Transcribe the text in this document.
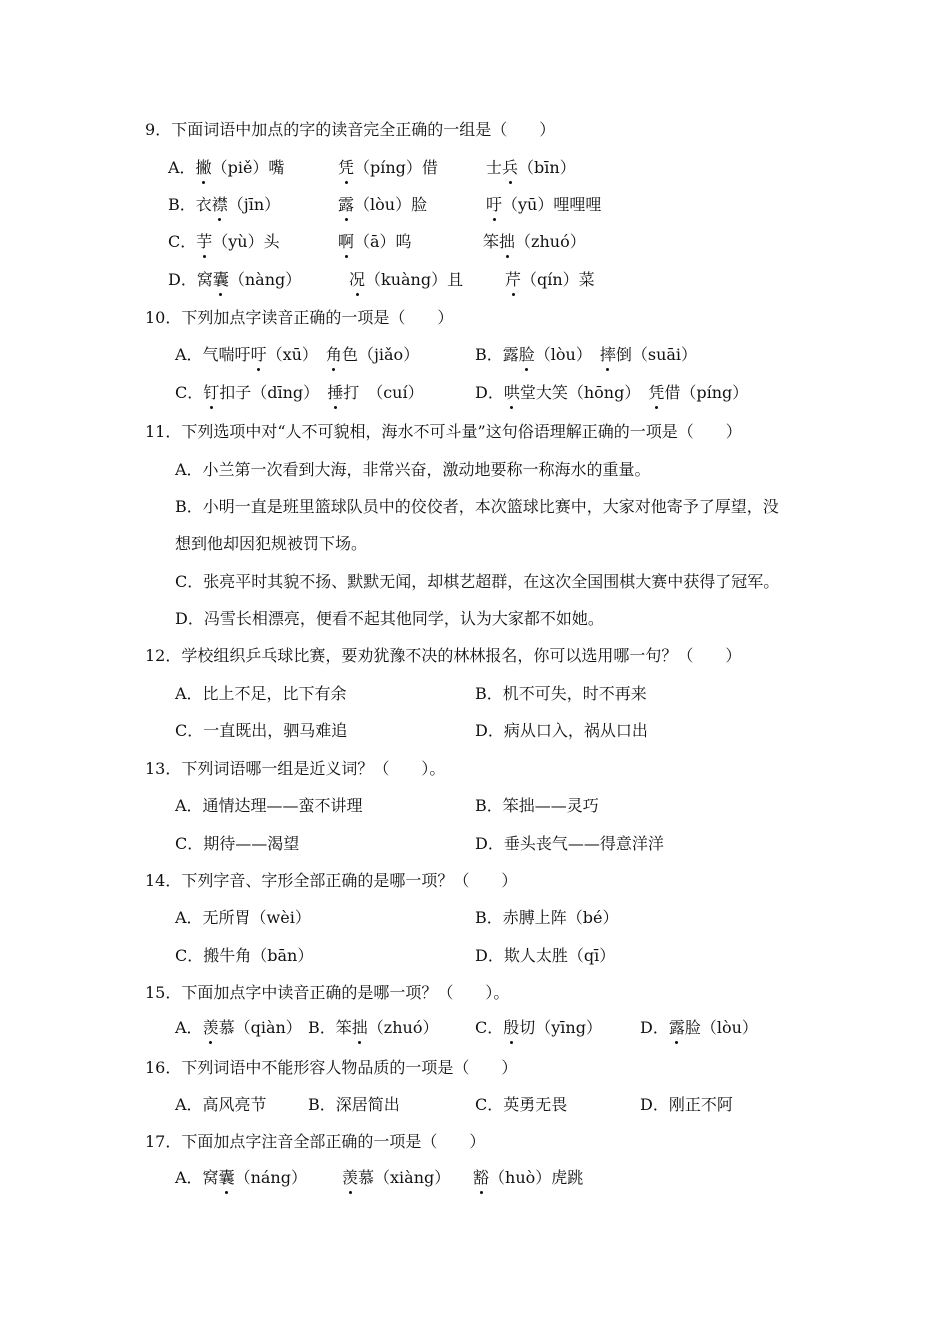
9．下面词语中加点的字的读音完全正确的一组是（　　）
A．撇（piě）嘴	凭（píng）借	士兵（bīn）
B．衣襟（jīn）	露（lòu）脸	吁（yū）哩哩哩
C．芋（yù）头	啊（ā）呜	笨拙（zhuó）
D．窝囊（nàng）	况（kuàng）且	芹（qín）菜
10．下列加点字读音正确的一项是（　　）
A．气喘吁吁（xū）　角色（jiǎo）	B．露脸（lòu）　摔倒（suāi）
C．钉扣子（dīng）　捶打　（cuí）	D．哄堂大笑（hōng）　凭借（píng）
11．下列选项中对“人不可貌相，海水不可斗量”这句俗语理解正确的一项是（　　）
A．小兰第一次看到大海，非常兴奋，激动地要称一称海水的重量。
B．小明一直是班里篮球队员中的佼佼者，本次篮球比赛中，大家对他寄予了厚望，没
想到他却因犯规被罚下场。
C．张亮平时其貌不扬、默默无闻，却棋艺超群，在这次全国围棋大赛中获得了冠军。
D．冯雪长相漂亮，便看不起其他同学，认为大家都不如她。
12．学校组织乒乓球比赛，要劝犹豫不决的林林报名，你可以选用哪一句？（　　）
A．比上不足，比下有余	B．机不可失，时不再来
C．一直既出，驷马难追	D．病从口入，祸从口出
13．下列词语哪一组是近义词？（　　）。
A．通情达理——蛮不讲理	B．笨拙——灵巧
C．期待——渴望	D．垂头丧气——得意洋洋
14．下列字音、字形全部正确的是哪一项？（　　）
A．无所胃（wèi）	B．赤膊上阵（bé）
C．搬牛角（bān）	D．欺人太胜（qī）
15．下面加点字中读音正确的是哪一项？（　　）。
A．羡慕（qiàn） B．笨拙（zhuó） C．殷切（yīng） D．露脸（lòu）
16．下列词语中不能形容人物品质的一项是（　　）
A．高风亮节	B．深居简出	C．英勇无畏	D．刚正不阿
17．下面加点字注音全部正确的一项是（　　）
A．窝囊（náng） 羡慕（xiàng） 豁（huò）虎跳
